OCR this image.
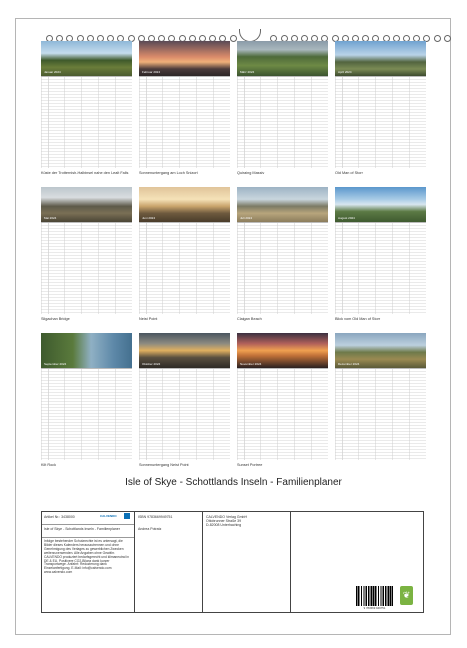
Januar 2024
Küste der Trotternish-Halbinsel nahe den Lealt Falls
Februar 2024
Sonnenuntergang am Loch Snizort
März 2024
Quiraing Massiv
April 2024
Old Man of Storr
Mai 2024
Sligachan Bridge
Juni 2024
Neist Point
Juli 2024
Claigan Beach
August 2024
Blick vom Old Man of Storr
September 2024
Kilt Rock
Oktober 2024
Sonnenuntergang Neist Point
November 2024
Sunset Portree
Dezember 2024
Isle of Skye - Schottlands Inseln - Familienplaner
Artikel Nr.: 3438000	CALVENDO
Isle of Skye - Schottlands Inseln - Familienplaner
Infolge bestehender Schutzrechte ist es untersagt, die Bilder dieses Kalenders herauszutrennen und ohne Genehmigung des Verlages zu gewerblichen Zwecken weiterzuverwenden. Alle Angaben ohne Gewähr. CALVENDO produziert bedarfsgerecht und klimaneutral in DE & EU. Positivere CO2-Bilanz dank kurzer Transportwege. Anfahrt: Reduzierung dank Einzelanfertigung. E-Mail: info@calvendo.com www.calvendo.com
ISBN 9783669949751
Andrea Potratz
CALVENDO Verlag GmbH
Ottobrunner Straße 39
D-82008 Unterhaching
9 783669 949751
❦
